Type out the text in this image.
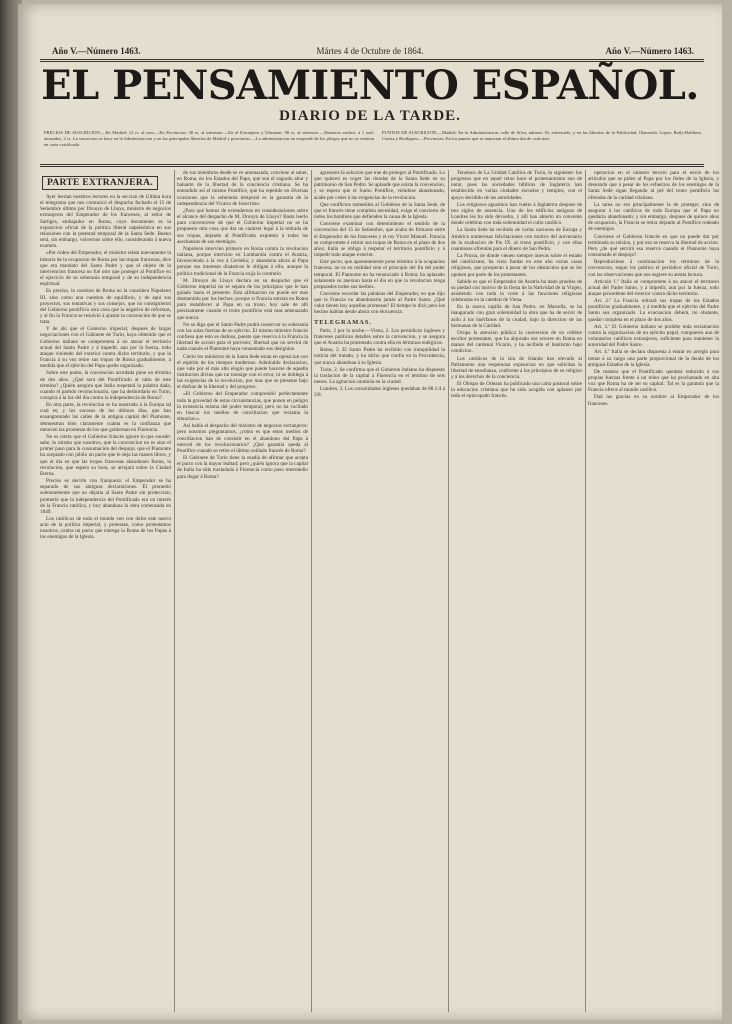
Año V.—Número 1463.	Mártes 4 de Octubre de 1864.	Año V.—Número 1463.
EL PENSAMIENTO ESPAÑOL.
DIARIO DE LA TARDE.
PRECIOS DE SUSCRICION.—En Madrid: 12 rs. al mes.—En Provincias: 30 rs. al trimestre.—En el Extranjero y Ultramar: 90 rs. al semestre.—Números sueltos, á 1 real; atrasados, 2 rs. La suscricion se hace en la Administracion y en las principales librerías de Madrid y provincias.—La administracion no responde de los pliegos que no se remitan en carta certificada.
PUNTOS DE SUSCRICION.—Madrid: En la Administracion, calle de Silva, número 16, entresuelo, y en las librerías de la Publicidad, Olamendi, Lopez, Baily-Bailliere, Cuesta y Bordiguez.—Provincias: En los puntos que se anuncian al último dia de cada mes.
PARTE EXTRANJERA.

Ayer leerian nuestros lectores en la seccion de Ultima hora el telegrama que nos comunicó el despacho fechado el 15 de Setiembre último por Drouyn de Lhuys, ministro de negocios extranjeros del Emperador de los franceses, al señor de Sartiges, embajador en Roma, cuyo documento es la exposicion oficial de la política liberal napoleónica en sus relaciones con la potestad temporal de la Santa Sede. Bueno será, sin embargo, volvernos sobre ello, considerando á nueva examen.

«Por órden del Emperador, el ministro relata nuevamente la historia de la ocupacion de Roma por las tropas francesas, dice que era mandato del Santo Padre y que el objeto de la intervencion francesa no fué otro que proteger al Pontífice en el ejercicio de su soberanía temporal y de su independencia espiritual.

Es preciso, la cuestion de Roma no la considera Napoleon III. sino como una cuestion de equilibrio, y de aquí sus proyectos, sus tentativas y sus consejos, que no consiguieron del Gobierno pontificio otra cosa que la negativa de reformas, y al fin la Francia se resolvió á ajustar la convencion de que se trata.

Y de ahí que el Gobierno imperial, despues de largas negociaciones con el Gabinete de Turin, haya obtenido que el Gobierno italiano se comprometa á no atacar el territorio actual del Santo Padre y á impedir, aun por la fuerza, todo ataque viniendo del exterior contra dicho territorio, y que la Francia á su vez retire sus tropas de Roma gradualmente, á medida que el ejército del Papa quede organizado.

Sobre este punto, la convencion acordada pone un término de dos años. ¿Qué será del Pontificado al cabo de este término? ¿Quién asegura que Italia respetará la palabra dada, cuando el partido revolucionario, que ha desbordado en Turin, conspira á la luz del dia contra la independencia de Roma?

En otra parte, la revolucion se ha mostrado á la Europa tal cual es; y los sucesos de los últimos dias, que han ensangrentado las calles de la antigua capital del Piamonte, demuestran bien claramente cuánta es la confianza que merecen las promesas de los que gobiernan en Florencia.

No es cierto que el Gobierno francés ignore lo que sucede: sabe, lo mismo que nosotros, que la convencion no es sino el primer paso para la consumacion del despojo; que el Piamonte ha aceptado con júbilo un pacto que le deja las manos libres, y que el dia en que las tropas francesas abandonen Roma, la revolucion, que espera su hora, se arrojará sobre la Ciudad Eterna.

Preciso es decirlo con franqueza: el Emperador se ha separado de sus antiguas declaraciones. Él prometió solemnemente que no dejaria al Santo Padre sin proteccion; prometió que la independencia del Pontificado era un interés de la Francia católica, y hoy abandona la obra comenzada en 1849.

Los católicos de todo el mundo ven con dolor este nuevo acto de la política imperial, y protestan, como protestamos nosotros, contra un pacto que entrega la Roma de los Papas á los enemigos de la Iglesia.

de sus miembros desde se ve amenazada, conviene al saber, en Roma, en los Estados del Papa, que son el sagrado altar y baluarte de la libertad de la conciencia cristiana. Se ha entendido así el mismo Pontífice, que ha repetido en diversas ocasiones que la soberanía temporal es la garantía de la independencia del Vicario de Jesucristo.

¿Para qué hemos de extendernos en consideraciones sobre el alcance del despacho de M. Drouyn de Lhuys? Basta leerlo para convencerse de que el Gobierno imperial no se ha propuesto otra cosa que dar un carácter legal á la retirada de sus tropas, dejando al Pontificado expuesto á todas las asechanzas de sus enemigos.

Napoleon intervino primero en Roma contra la revolucion italiana, porque intervino en Lombardía contra el Austria, favoreciendo á la vez á Cerdeña; y abandona ahora al Papa porque sus intereses dinásticos le obligan á ello, aunque la política tradicional de la Francia exija lo contrario.

M. Drouyn de Lhuys declara en su despacho que el Gobierno imperial no se separa de los principios que le han guiado hasta el presente. Esta afirmacion no puede ser mas desmentida por los hechos; porque si Francia entrara en Roma para restablecer al Papa en su trono, hoy sale de allí precisamente cuando el trono pontificio está mas amenazado que nunca.

No se diga que el Santo Padre podrá conservar su soberanía con las solas fuerzas de su ejército. El mismo ministro francés confiesa que esto es dudoso, puesto que reserva á la Francia la libertad de accion para el porvenir, libertad que no servirá de nada cuando el Piamonte haya consumado sus designios.

Cierto los ministros de la Santa Sede estan en oposicion con el espíritu de los tiempos modernos. Admirable declaracion, que vale por el más alto elogio que puede hacerse de aquella institucion divina que no transige con el error, ni se doblega á las exigencias de la revolucion, por mas que se presente bajo el disfraz de la libertad y del progreso.

«El Gobierno del Emperador comprendió perfectamente toda la gravedad de estas circunstancias, que ponen en peligro la existencia misma del poder temporal; pero no ha vacilado en buscar los medios de conciliacion que reclama la situacion.»

Asi habla el despacho del ministro de negocios extranjeros: pero nosotros preguntamos, ¿cómo es que estos medios de conciliacion han de consistir en el abandono del Papa á merced de los revolucionarios? ¿Qué garantía queda al Pontífice cuando se retire el último soldado francés de Roma?

El Gabinete de Turin tiene la osadía de afirmar que acepta el pacto con la mayor lealtad; pero ¿quién ignora que la capital de Italia ha sido trasladada á Florencia como paso intermedio para llegar á Roma?

agresores la solucion que trae de proteger al Pontificado. Lo que quieren es coger las riendas de la Santa Sede en su patrimonio de San Pedro. Se aplaude que exista la convencion, y se espera que el Sumo Pontífice, viéndose abandonado, acabe por ceder á las exigencias de la revolucion.

Que conflictos sometidos al Gobierno de la Santa Sede, de que el francés tiene completa necesidad, exige el concierto de todos los hombres que defienden la causa de la Iglesia.

Conviene examinar con detenimiento el sentido de la convencion del 15 de Setiembre, que acaba de firmarse entre el Emperador de los franceses y el rey Víctor Manuel. Francia se compromete á retirar sus tropas de Roma en el plazo de dos años; Italia se obliga á respetar el territorio pontificio y á impedir todo ataque exterior.

Este pacto, que aparentemente pone término á la ocupacion francesa, no es en realidad sino el principio del fin del poder temporal. El Piamonte no ha renunciado á Roma; ha aplazado solamente su anexion hasta el dia en que la revolucion tenga preparados todos sus medios.

Conviene recordar las palabras del Emperador, en que dijo que la Francia no abandonaria jamás al Padre Santo. ¿Qué valor tienen hoy aquellas promesas? El tiempo lo dirá; pero los hechos hablan desde ahora con elocuencia.

TELEGRAMAS.

París, 2 por la noche.—Viena, 2. Los periódicos ingleses y franceses publican detalles sobre la convencion, y se asegura que el Austria ha protestado contra ella en términos enérgicos.

Roma, 2. El Santo Padre ha recibido con tranquilidad la noticia del tratado, y ha dicho que confía en la Providencia, que nunca abandona á su Iglesia.

Turin, 2. Se confirma que el Gobierno italiano ha dispuesto la traslacion de la capital á Florencia en el término de seis meses. La agitacion continúa en la ciudad.

Londres, 3. Los consolidados ingleses quedaban de 88 1/4 á 3/8.

Tenemos de La Unidad Católica de Turin, lo siguiente: los progresos que en aquel reino hace el protestantismo son de notar, pues las sociedades bíblicas de Inglaterra han establecido en varias ciudades escuelas y templos, con el apoyo decidido de las autoridades.

Los religiosos agustinos han vuelto á Inglaterra despues de tres siglos de ausencia. Uno de los edificios antiguos de Londres les ha sido devuelto, y allí han abierto un convento donde celebran con toda solemnidad el culto católico.

La Santa Sede ha recibido de varias naciones de Europa y América numerosas felicitaciones con motivo del aniversario de la exaltacion de Pio IX. al trono pontificio, y con ellas cuantiosas ofrendas para el dinero de San Pedro.

La Prusia, de donde vienen siempre nuevas sobre el estado del catolicismo, ha visto fundar en este año varias casas religiosas, que prosperan á pesar de los obstáculos que se les oponen por parte de los protestantes.

Sabido es que el Emperador de Austria ha dado pruebas de su piedad con motivo de la fiesta de la Natividad de la Virgen, asistiendo con toda la corte á las funciones religiosas celebradas en la catedral de Viena.

En la nueva capilla de San Pedro, en Marsella, se ha inaugurado con gran solemnidad la obra que ha de servir de asilo á los huérfanos de la ciudad, bajo la direccion de las hermanas de la Caridad.

Ocupa la atencion pública la conversion de un célebre escritor protestante, que ha abjurado sus errores en Roma en manos del cardenal Vicario, y ha recibido el bautismo bajo condicion.

Los católicos de la isla de Irlanda han elevado al Parlamento una respetuosa exposicion en que solicitan la libertad de enseñanza, conforme á los principios de su religion y á los derechos de la conciencia.

El Obispo de Orleans ha publicado una carta pastoral sobre la educacion cristiana que ha sido acogida con aplauso por todo el episcopado francés.

operacion en el número tercero para el envío de los artículos que se piden al Papa por los fieles de la Iglesia, y deseando que á pesar de los esfuerzos de los enemigos de la Santa Sede sigan llegando al pié del trono pontificio las ofrendas de la caridad cristiana.

La tarea no era principalmente la de proteger, sino de asegurar á los católicos de toda Europa que el Papa no quedaria abandonado; y sin embargo, despues de quince años de ocupacion, la Francia se retira dejando al Pontífice rodeado de enemigos.

Conviene el Gobierno francés en que no puede dar por terminada su mision, y por eso se reserva la libertad de accion. Pero ¿de qué servirá esa reserva cuando el Piamonte haya consumado el despojo?

Reproducimos á continuacion los términos de la convencion, segun los publica el periódico oficial de Turin, con las observaciones que nos sugiere su atenta lectura.

Articulo 1.º Italia se compromete á no atacar el territorio actual del Padre Santo, y á impedir, aun por la fuerza, todo ataque procedente del exterior contra dicho territorio.

Art. 2.º La Francia retirará sus tropas de los Estados pontificios gradualmente, y á medida que el ejército del Padre Santo sea organizado. La evacuacion deberá, no obstante, quedar completa en el plazo de dos años.

Art. 3.º El Gobierno italiano se prohibe toda reclamacion contra la organizacion de un ejército papal, compuesto aun de voluntarios católicos extranjeros, suficiente para mantener la autoridad del Padre Santo.

Art. 4.º Italia se declara dispuesta á entrar en arreglo para tomar á su cargo una parte proporcional de la deuda de los antiguos Estados de la Iglesia.

De manera que el Pontificado quedará reducido á sus propias fuerzas frente á un reino que ha proclamado en alta voz que Roma ha de ser su capital. Tal es la garantía que la Francia ofrece al mundo católico.

Dad las gracias en su nombre al Emperador de los franceses.
